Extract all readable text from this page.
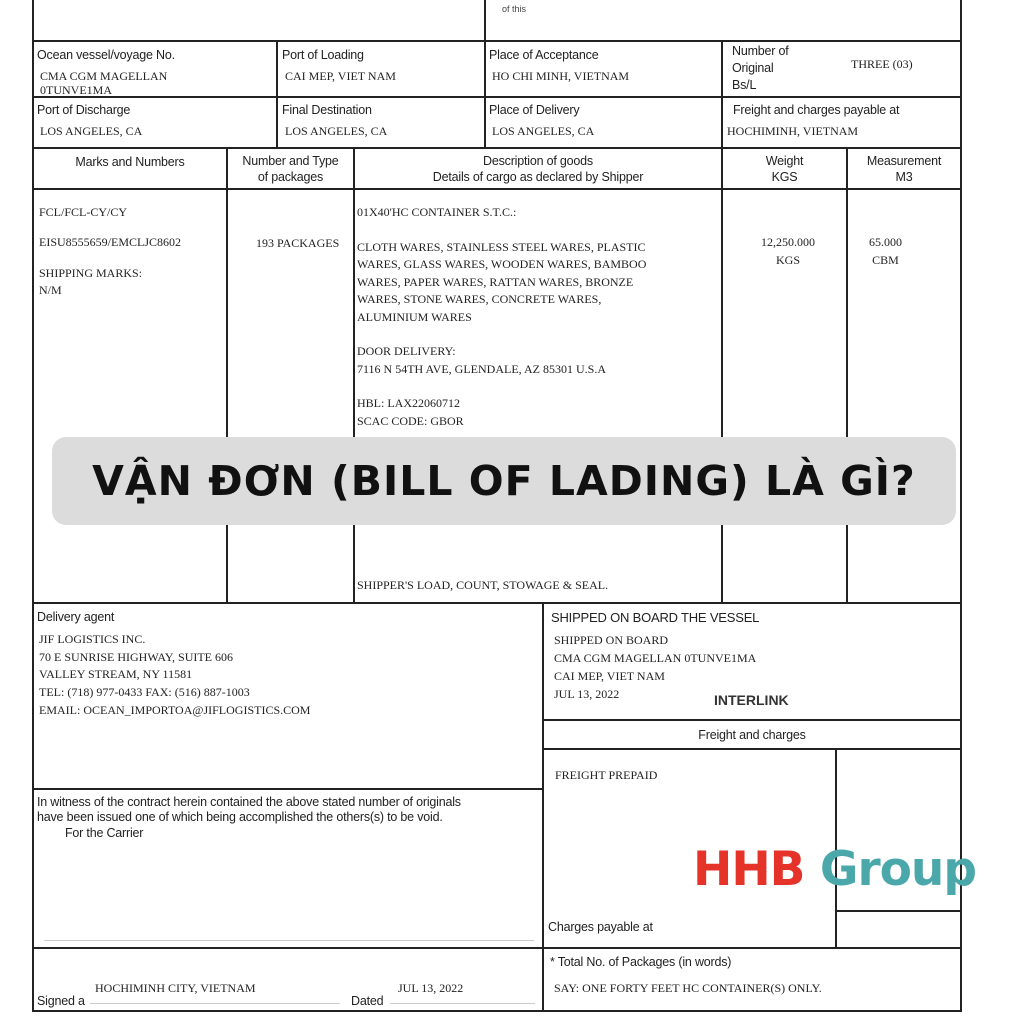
of this
Ocean vessel/voyage No.
CMA CGM MAGELLAN
0TUNVE1MA
Port of Loading
CAI MEP, VIET NAM
Place of Acceptance
HO CHI MINH, VIETNAM
Number of
Original
Bs/L
THREE (03)
Port of Discharge
LOS ANGELES, CA
Final Destination
LOS ANGELES, CA
Place of Delivery
LOS ANGELES, CA
Freight and charges payable at
HOCHIMINH, VIETNAM
Marks and Numbers	Number and Type
of packages
Description of goods
Details of cargo as declared by Shipper
Weight
KGS
Measurement
M3
FCL/FCL-CY/CY
EISU8555659/EMCLJC8602
SHIPPING MARKS:
N/M
193 PACKAGES
01X40'HC CONTAINER S.T.C.:
CLOTH WARES, STAINLESS STEEL WARES, PLASTIC
WARES, GLASS WARES, WOODEN WARES, BAMBOO
WARES, PAPER WARES, RATTAN WARES, BRONZE
WARES, STONE WARES, CONCRETE WARES,
ALUMINIUM WARES
DOOR DELIVERY:
7116 N 54TH AVE, GLENDALE, AZ 85301 U.S.A
HBL: LAX22060712
SCAC CODE: GBOR
SHIPPER'S LOAD, COUNT, STOWAGE & SEAL.
12,250.000
KGS
65.000
CBM
Delivery agent
JIF LOGISTICS INC.
70 E SUNRISE HIGHWAY, SUITE 606
VALLEY STREAM, NY 11581
TEL: (718) 977-0433 FAX: (516) 887-1003
EMAIL: OCEAN_IMPORTOA@JIFLOGISTICS.COM
SHIPPED ON BOARD THE VESSEL
SHIPPED ON BOARD
CMA CGM MAGELLAN 0TUNVE1MA
CAI MEP, VIET NAM
JUL 13, 2022	INTERLINK
Freight and charges
FREIGHT PREPAID
Charges payable at
In witness of the contract herein contained the above stated number of originals
have been issued one of which being accomplished the others(s) to be void.
For the Carrier
Signed a
HOCHIMINH CITY, VIETNAM
Dated
JUL 13, 2022
* Total No. of Packages (in words)
SAY: ONE FORTY FEET HC CONTAINER(S) ONLY.
VẬN ĐƠN (BILL OF LADING) LÀ GÌ?
HHB Group
